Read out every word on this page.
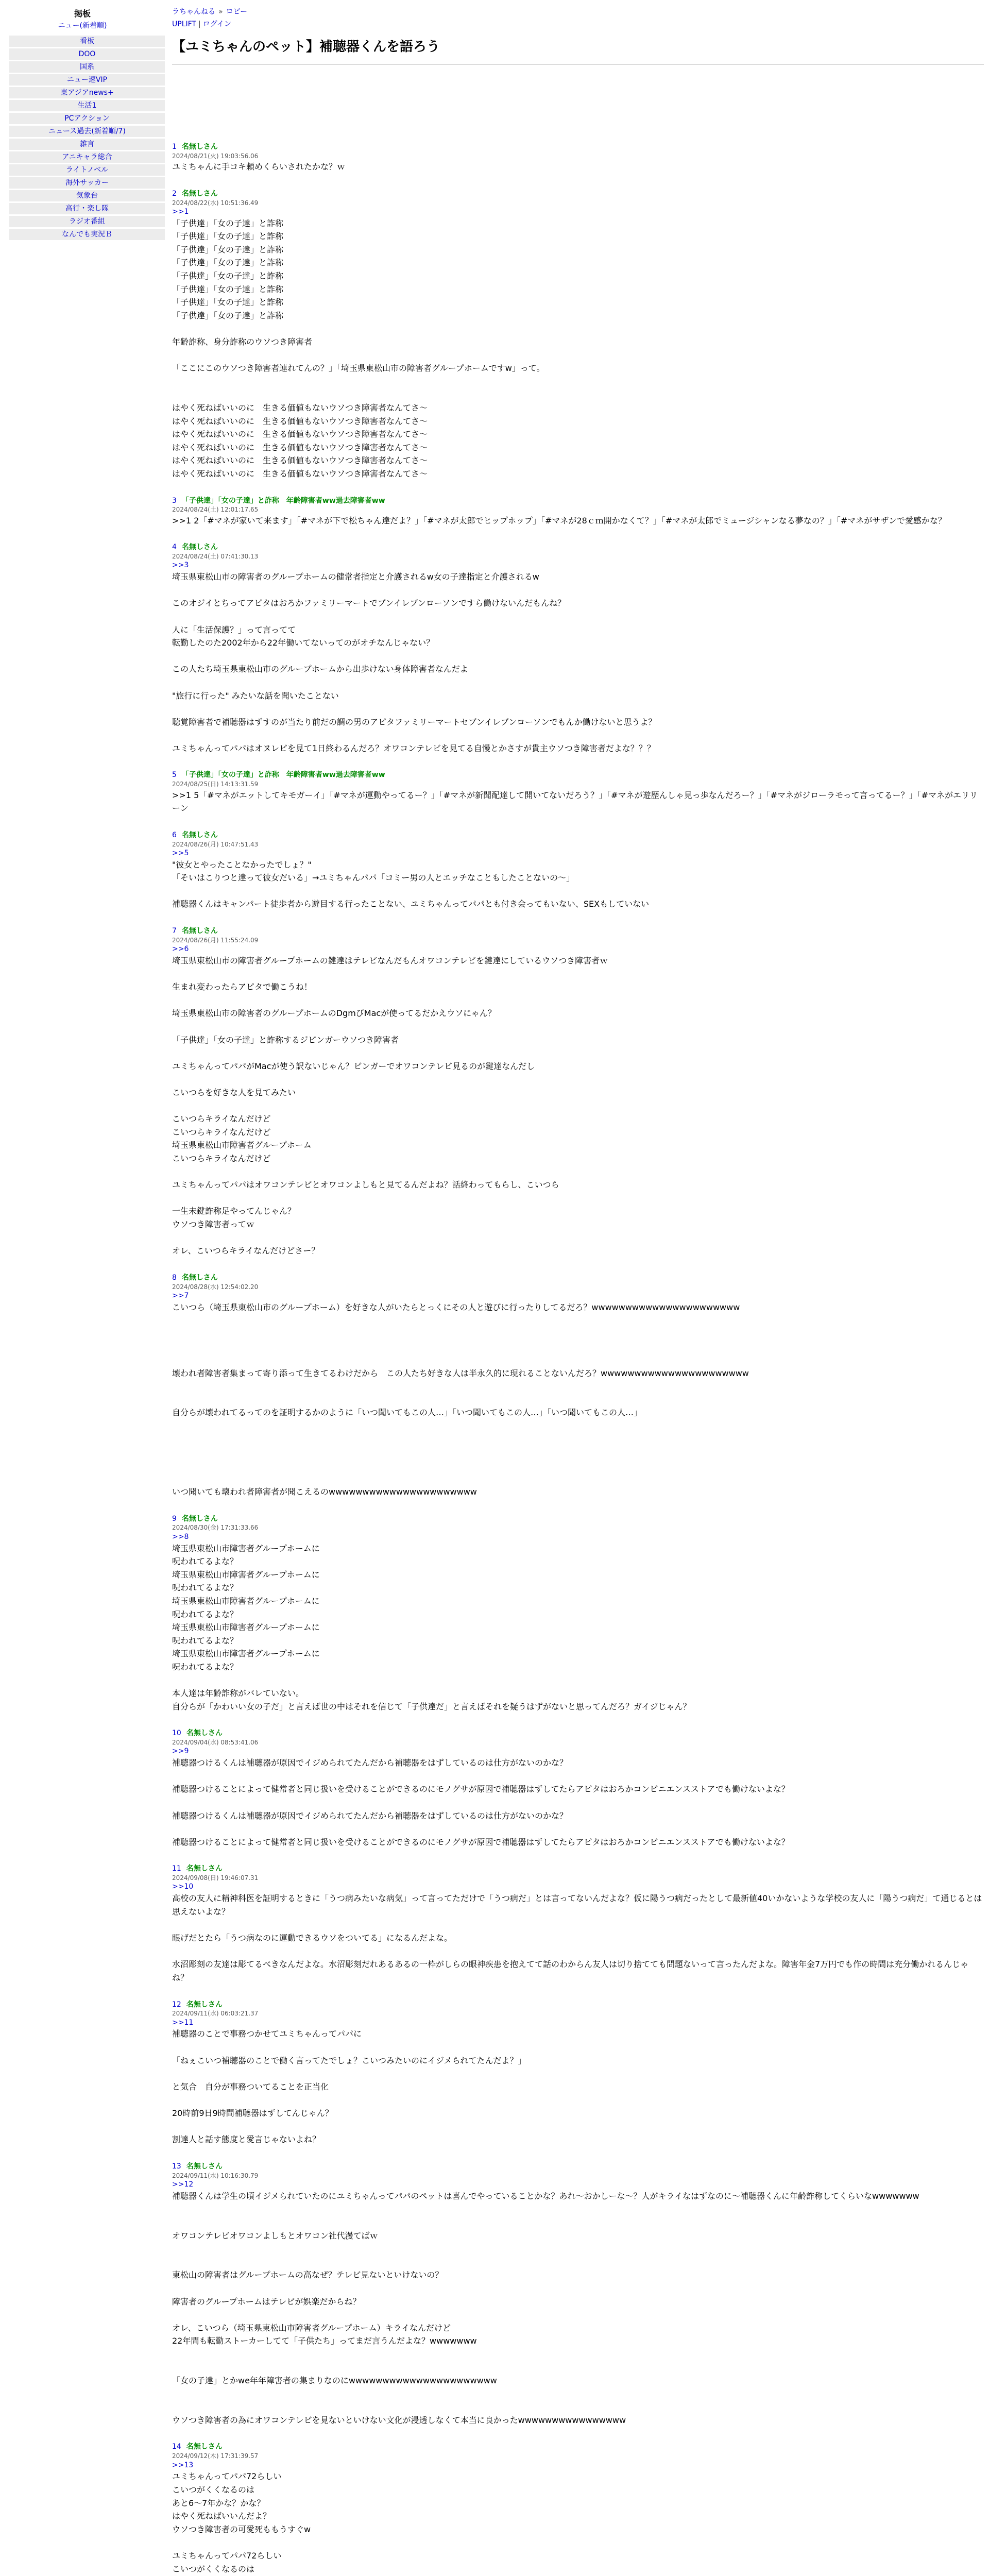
掲板
ニュー(新着順)
看板
DOO
国系
ニュー速VIP
東アジアnews+
生活1
PCアクション
ニュース過去(新着順/7)
雑言
アニキャラ総合
ライトノベル
海外サッカー
気象台
高行・楽し隊
ラジオ番組
なんでも実況Ｂ
ラちゃんねる » ロビー
UPLIFT | ログイン
【ユミちゃんのペット】補聴器くんを語ろう
1 名無しさん
2024/08/21(火) 19:03:56.06
ユミちゃんに手コキ頼めくらいされたかな？ｗ
2 名無しさん
2024/08/22(水) 10:51:36.49
>>1
「子供達」「女の子達」と詐称
「子供達」「女の子達」と詐称
「子供達」「女の子達」と詐称
「子供達」「女の子達」と詐称
「子供達」「女の子達」と詐称
「子供達」「女の子達」と詐称
「子供達」「女の子達」と詐称
「子供達」「女の子達」と詐称

年齢詐称、身分詐称のウソつき障害者

「ここにこのウソつき障害者連れてんの？」「埼玉県東松山市の障害者グループホームですw」って。

はやく死ねばいいのに　生きる価値もないウソつき障害者なんてさ〜
はやく死ねばいいのに　生きる価値もないウソつき障害者なんてさ〜
はやく死ねばいいのに　生きる価値もないウソつき障害者なんてさ〜
はやく死ねばいいのに　生きる価値もないウソつき障害者なんてさ〜
はやく死ねばいいのに　生きる価値もないウソつき障害者なんてさ〜
はやく死ねばいいのに　生きる価値もないウソつき障害者なんてさ〜
3 「子供達」「女の子達」と詐称　年齢障害者ww過去障害者ww
2024/08/24(土) 12:01:17.65
>>1 2「#マネが家いて来ます」「#マネが下で松ちゃん達だよ？」「#マネが太郎でヒップホップ」「#マネが28ｃｍ開かなくて？」「#マネが太郎でミュージシャンなる夢なの？」「#マネがサザンで愛感かな？
4 名無しさん
2024/08/24(土) 07:41:30.13
>>3
埼玉県東松山市の障害者のグループホームの健常者指定と介護されるw女の子達指定と介護されるw

このオジイとちってアピタはおろかファミリーマートでブンイレブンローソンですら働けないんだもんね？

人に「生活保護？」って言ってて
転勤したのた2002年から22年働いてないってのがオチなんじゃない？

この人たち埼玉県東松山市のグループホームから出歩けない身体障害者なんだよ

"旅行に行った" みたいな話を聞いたことない

聴覚障害者で補聴器はずすのが当たり前だの調の男のアピタファミリーマートセブンイレブンローソンでもんか働けないと思うよ？

ユミちゃんってパパはオヌレビを見て1日終わるんだろ？オワコンテレビを見てる自慢とかさすが貴主ウソつき障害者だよな？？？
5 「子供達」「女の子達」と詐称　年齢障害者ww過去障害者ww
2024/08/25(日) 14:13:31.59
>>1 5「#マネがエットしてキモガーイ」「#マネが運動やってるー？」「#マネが新聞配達して開いてないだろう？」「#マネが遊歴んしゃ見っ歩なんだろー？」「#マネがジローラモって言ってるー？」「#マネがエリリーン
6 名無しさん
2024/08/26(月) 10:47:51.43
>>5
"彼女とやったことなかったでしょ？"
「そいはこりつと達って彼女だいる」→ユミちゃんパパ「コミー男の人とエッチなこともしたことないの〜」

補聴器くんはキャンパート徒歩者から遊目する行ったことない、ユミちゃんってパパとも付き会ってもいない、SEXもしていない
7 名無しさん
2024/08/26(月) 11:55:24.09
>>6
埼玉県東松山市の障害者グループホームの鍵達はテレビなんだもんオワコンテレビを鍵達にしているウソつき障害者ｗ

生まれ変わったらアピタで働こうね！

埼玉県東松山市の障害者のグループホームのDgmびMacが使ってるだかえウソにゃん？

「子供達」「女の子達」と詐称するジビンガーウソつき障害者

ユミちゃんってパパがMacが使う訳ないじゃん？ビンガーでオワコンテレビ見るのが鍵達なんだし

こいつらを好きな人を見てみたい

こいつらキライなんだけど
こいつらキライなんだけど
埼玉県東松山市障害者グループホーム
こいつらキライなんだけど

ユミちゃんってパパはオワコンテレビとオワコンよしもと見てるんだよね？話終わってもらし、こいつら

一生未鍵詐称足やってんじゃん？
ウソつき障害者ってｗ

オレ、こいつらキライなんだけどさー？
8 名無しさん
2024/08/28(水) 12:54:02.20
>>7
こいつら（埼玉県東松山市のグループホーム）を好きな人がいたらとっくにその人と遊びに行ったりしてるだろ？wwwwwwwwwwwwwwwwwwwwww

壊われ者障害者集まって寄り添って生きてるわけだから　この人たち好きな人は半永久的に現れることないんだろ？wwwwwwwwwwwwwwwwwwwwww

自分らが壊われてるってのを証明するかのように「いつ聞いてもこの人…」「いつ聞いてもこの人…」「いつ聞いてもこの人…」

いつ聞いても壊われ者障害者が聞こえるのwwwwwwwwwwwwwwwwwwwwww
9 名無しさん
2024/08/30(金) 17:31:33.66
>>8
埼玉県東松山市障害者グループホームに
呪われてるよな？
埼玉県東松山市障害者グループホームに
呪われてるよな？
埼玉県東松山市障害者グループホームに
呪われてるよな？
埼玉県東松山市障害者グループホームに
呪われてるよな？
埼玉県東松山市障害者グループホームに
呪われてるよな？

本人達は年齢詐称がバレていない。
自分らが「かわいい女の子だ」と言えば世の中はそれを信じて「子供達だ」と言えばそれを疑うはずがないと思ってんだろ？ガイジじゃん？
10 名無しさん
2024/09/04(水) 08:53:41.06
>>9
補聴器つけるくんは補聴器が原因でイジめられてたんだから補聴器をはずしているのは仕方がないのかな？

補聴器つけることによって健常者と同じ扱いを受けることができるのにモノグサが原因で補聴器はずしてたらアピタはおろかコンビニエンスストアでも働けないよな？

補聴器つけるくんは補聴器が原因でイジめられてたんだから補聴器をはずしているのは仕方がないのかな？

補聴器つけることによって健常者と同じ扱いを受けることができるのにモノグサが原因で補聴器はずしてたらアピタはおろかコンビニエンスストアでも働けないよな？
11 名無しさん
2024/09/08(日) 19:46:07.31
>>10
高校の友人に精神科医を証明するときに「うつ病みたいな病気」って言ってただけで「うつ病だ」とは言ってないんだよな？仮に陽うつ病だったとして最新値40いかないような学校の友人に「陽うつ病だ」て通じるとは思えないよな？

眼げだとたら「うつ病なのに運動できるウソをついてる」になるんだよな。

水沼彫刻の友達は彫てるべきなんだよな。水沼彫刻だれあるあるの一枠がしらの眼神疾患を抱えてて話のわからん友人は切り捨てても問題ないって言ったんだよな。障害年金7万円でも作の時間は充分働かれるんじゃね？
12 名無しさん
2024/09/11(水) 06:03:21.37
>>11
補聴器のことで事務つかせてユミちゃんってパパに

「ねぇこいつ補聴器のことで働く言ってたでしょ？こいつみたいのにイジメられてたんだよ？」

と気合　自分が事務ついてることを正当化

20時前9日9時間補聴器はずしてんじゃん？

割達人と話す態度と愛言じゃないよね？
13 名無しさん
2024/09/11(水) 10:16:30.79
>>12
補聴器くんは学生の頃イジメられていたのにユミちゃんってパパのペットは喜んでやっていることかな？あれ〜おかしーな〜？人がキライなはずなのに〜補聴器くんに年齢詐称してくらいなwwwwwww

オワコンテレビオワコンよしもとオワコン社代漫てばｗ

東松山の障害者はグループホームの高なぜ？テレビ見ないといけないの？

障害者のグループホームはテレビが娯楽だからね？

オレ、こいつら（埼玉県東松山市障害者グループホーム）キライなんだけど
22年間も転勤ストーカーしてて「子供たち」ってまだ言うんだよな？wwwwwww

「女の子達」とかwe年年障害者の集まりなのにwwwwwwwwwwwwwwwwwwwwww

ウソつき障害者の為にオワコンテレビを見ないといけない文化が浸透しなくて本当に良かったwwwwwwwwwwwwwwww
14 名無しさん
2024/09/12(木) 17:31:39.57
>>13
ユミちゃんってパパ72らしい
こいつがくくなるのは
あと6〜7年かな？かな？
はやく死ねばいいんだよ？
ウソつき障害者の可愛死ももうすぐw

ユミちゃんってパパ72らしい
こいつがくくなるのは
